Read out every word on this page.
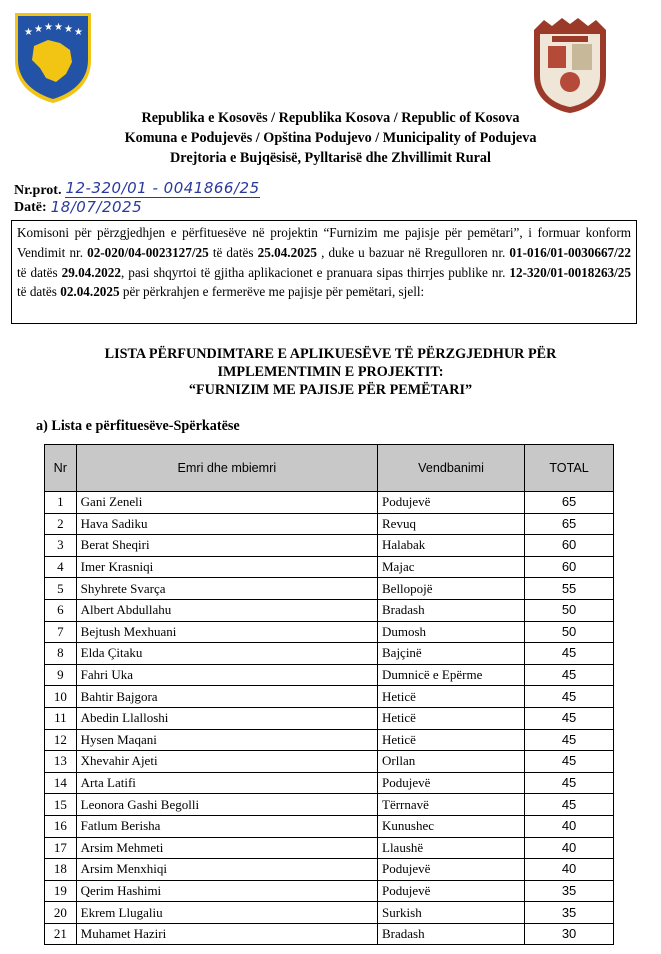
★ ★ ★ ★ ★ ★
Republika e Kosovës / Republika Kosova / Republic of Kosova
Komuna e Podujevës / Opština Podujevo / Municipality of Podujeva
Drejtoria e Bujqësisë, Pylltarisë dhe Zhvillimit Rural
Nr.prot. 12-320/01 - 0041866/25
Datë: 18/07/2025
Komisoni për përzgjedhjen e përfituesëve në projektin “Furnizim me pajisje për pemëtari”, i formuar konform Vendimit nr. 02-020/04-0023127/25 të datës 25.04.2025 , duke u bazuar në Rregulloren nr. 01-016/01-0030667/22 të datës 29.04.2022, pasi shqyrtoi të gjitha aplikacionet e pranuara sipas thirrjes publike nr. 12-320/01-0018263/25 të datës 02.04.2025 për përkrahjen e fermerëve me pajisje për pemëtari, sjell:
LISTA PËRFUNDIMTARE E APLIKUESËVE TË PËRZGJEDHUR PËR
IMPLEMENTIMIN E PROJEKTIT:
“FURNIZIM ME PAJISJE PËR PEMËTARI”
a) Lista e përfituesëve-Spërkatëse
Nr	Emri dhe mbiemri	Vendbanimi	TOTAL
1	Gani Zeneli	Podujevë	65
2	Hava Sadiku	Revuq	65
3	Berat Sheqiri	Halabak	60
4	Imer Krasniqi	Majac	60
5	Shyhrete Svarça	Bellopojë	55
6	Albert Abdullahu	Bradash	50
7	Bejtush Mexhuani	Dumosh	50
8	Elda Çitaku	Bajçinë	45
9	Fahri Uka	Dumnicë e Epërme	45
10	Bahtir Bajgora	Heticë	45
11	Abedin Llalloshi	Heticë	45
12	Hysen Maqani	Heticë	45
13	Xhevahir Ajeti	Orllan	45
14	Arta Latifi	Podujevë	45
15	Leonora Gashi Begolli	Tërrnavë	45
16	Fatlum Berisha	Kunushec	40
17	Arsim Mehmeti	Llaushë	40
18	Arsim Menxhiqi	Podujevë	40
19	Qerim Hashimi	Podujevë	35
20	Ekrem Llugaliu	Surkish	35
21	Muhamet Haziri	Bradash	30
